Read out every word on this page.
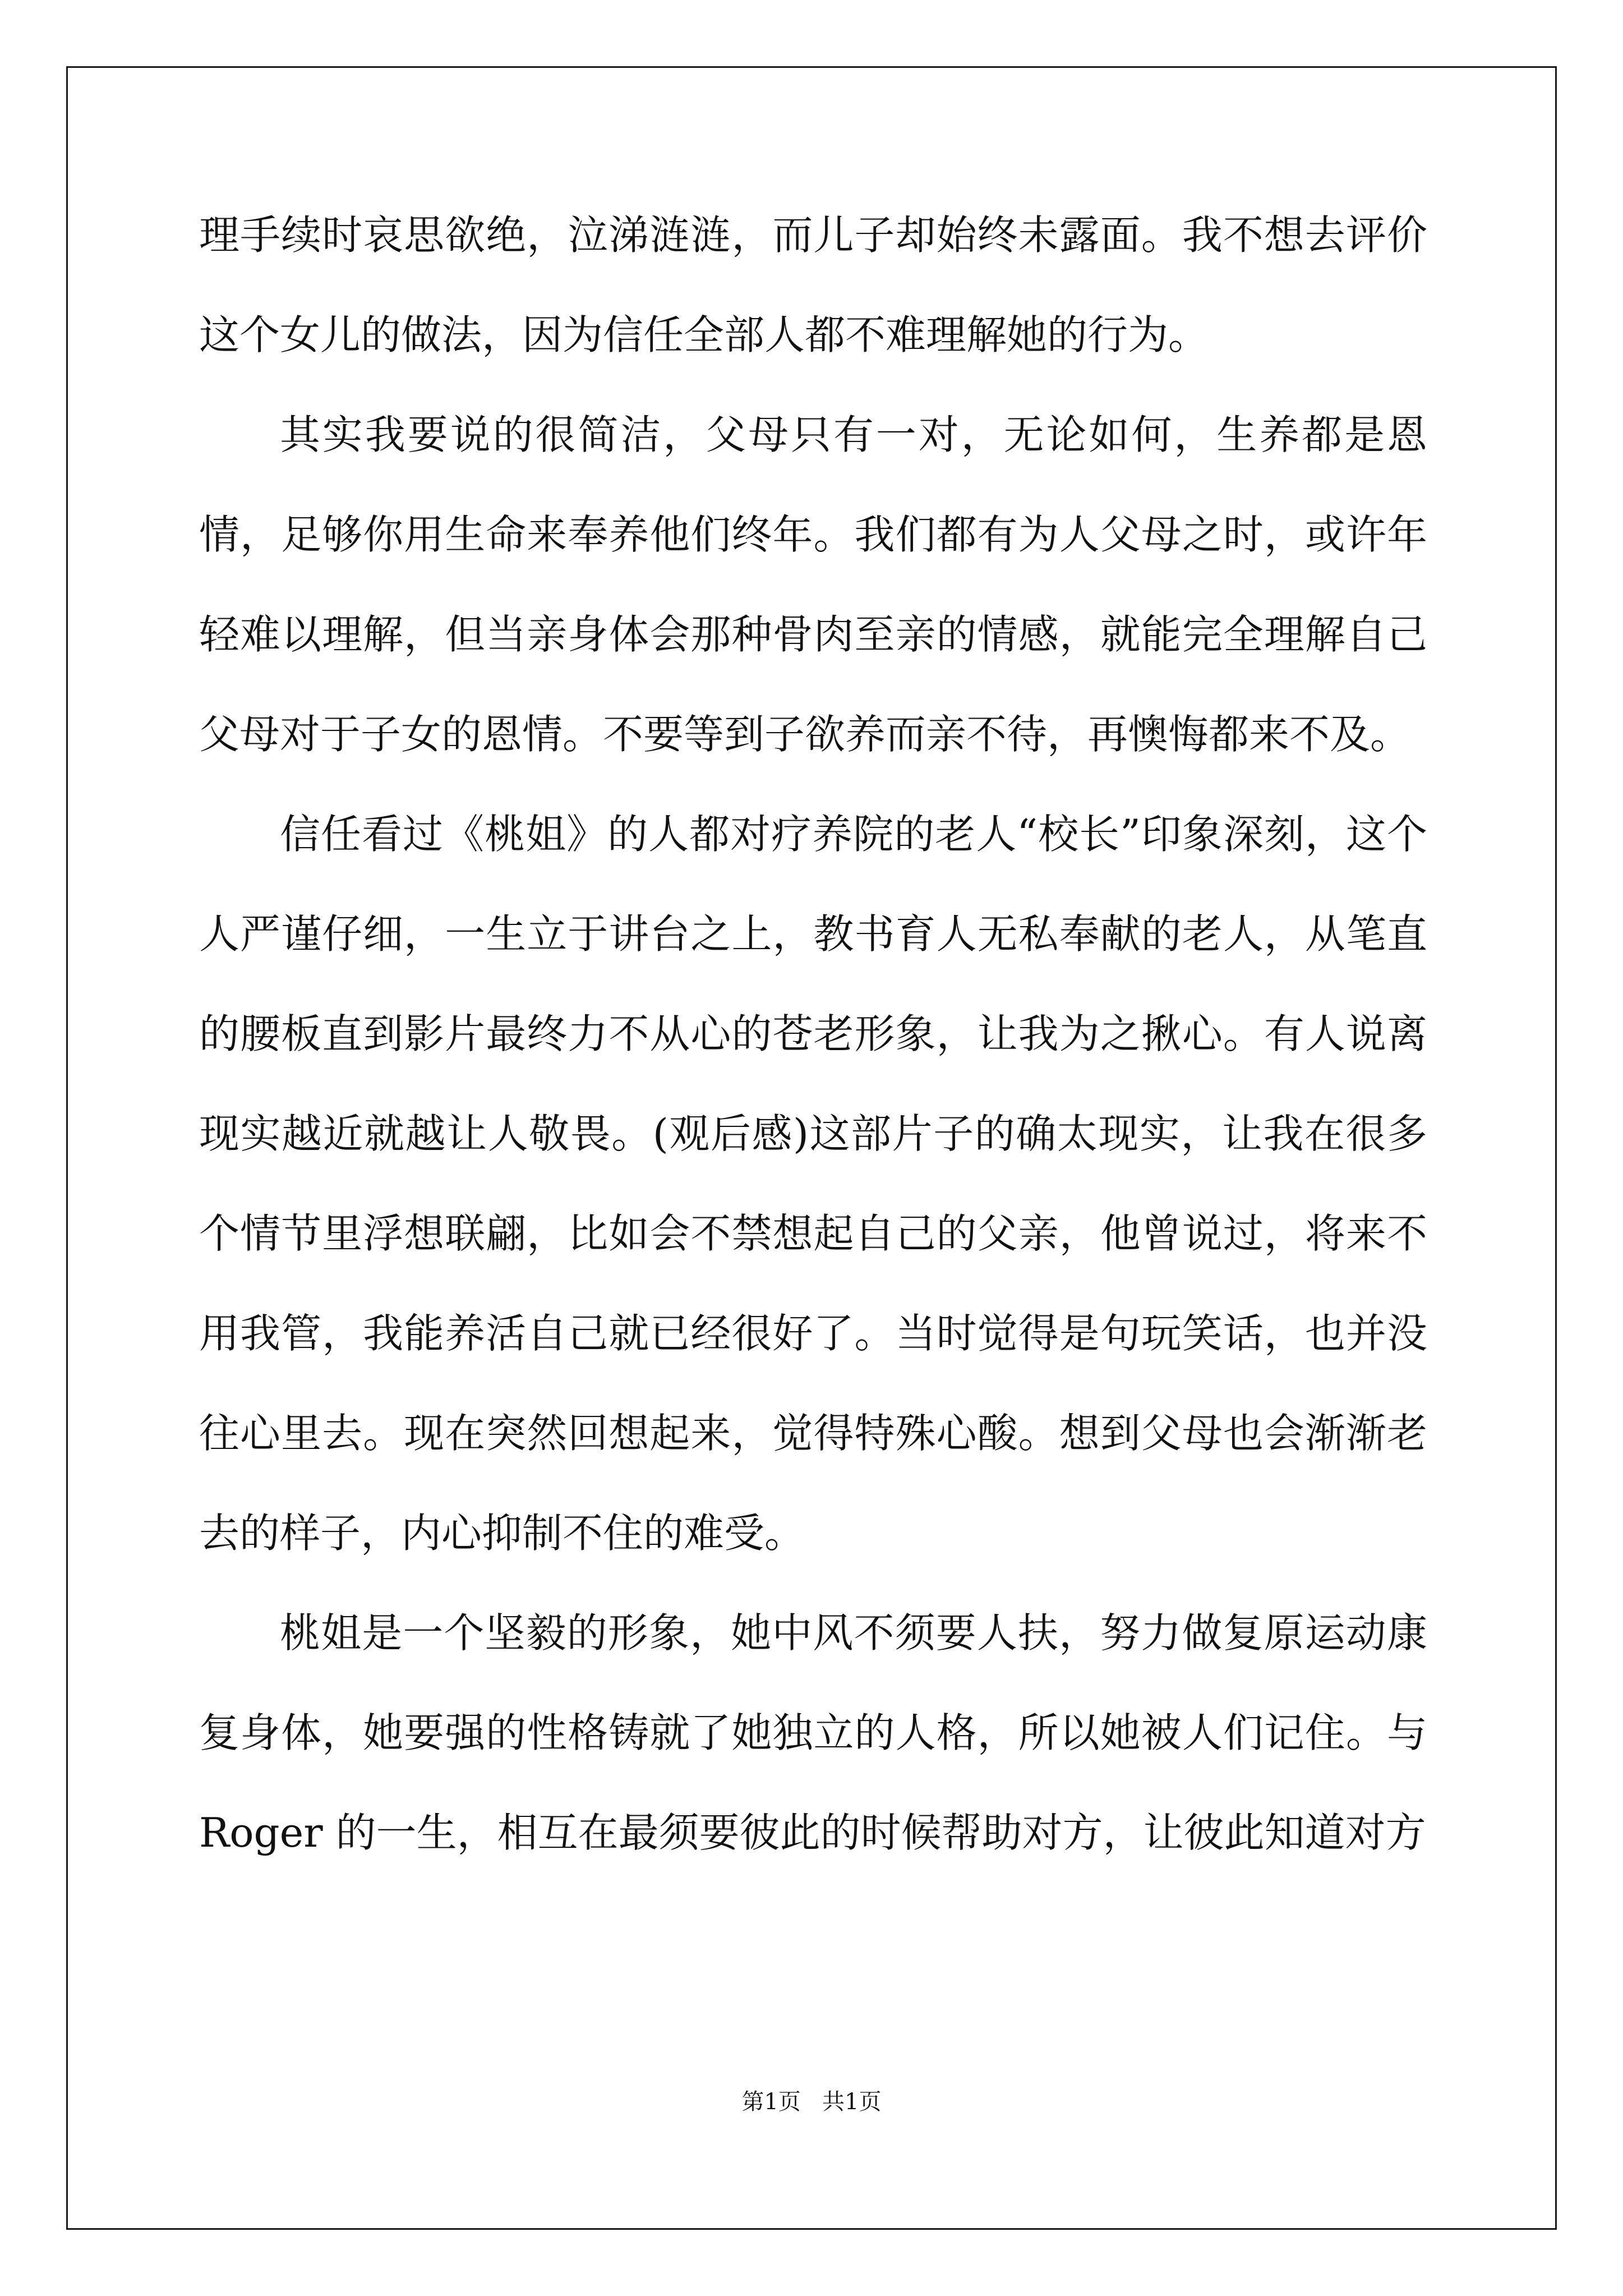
理手续时哀思欲绝，泣涕涟涟，而儿子却始终未露面。我不想去评价这个女儿的做法，因为信任全部人都不难理解她的行为。

其实我要说的很简洁，父母只有一对，无论如何，生养都是恩情，足够你用生命来奉养他们终年。我们都有为人父母之时，或许年轻难以理解，但当亲身体会那种骨肉至亲的情感，就能完全理解自己父母对于子女的恩情。不要等到子欲养而亲不待，再懊悔都来不及。

信任看过《桃姐》的人都对疗养院的老人“校长”印象深刻，这个人严谨仔细，一生立于讲台之上，教书育人无私奉献的老人，从笔直的腰板直到影片最终力不从心的苍老形象，让我为之揪心。有人说离现实越近就越让人敬畏。(观后感)这部片子的确太现实，让我在很多个情节里浮想联翩，比如会不禁想起自己的父亲，他曾说过，将来不用我管，我能养活自己就已经很好了。当时觉得是句玩笑话，也并没往心里去。现在突然回想起来，觉得特殊心酸。想到父母也会渐渐老去的样子，内心抑制不住的难受。

桃姐是一个坚毅的形象，她中风不须要人扶，努力做复原运动康复身体，她要强的性格铸就了她独立的人格，所以她被人们记住。与Roger 的一生，相互在最须要彼此的时候帮助对方，让彼此知道对方

第1页   共1页
